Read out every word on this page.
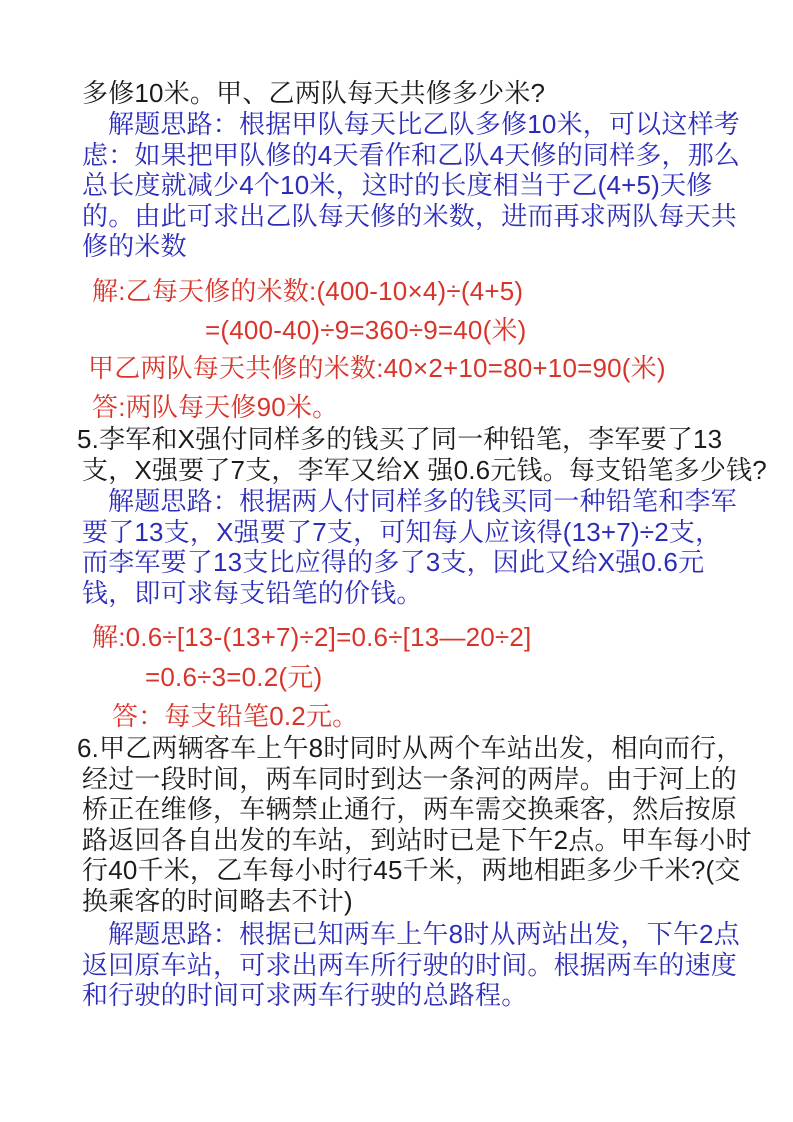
多修10米。甲、乙两队每天共修多少米?
解题思路：根据甲队每天比乙队多修10米，可以这样考
虑：如果把甲队修的4天看作和乙队4天修的同样多，那么
总长度就减少4个10米，这时的长度相当于乙(4+5)天修
的。由此可求出乙队每天修的米数，进而再求两队每天共
修的米数
解:乙每天修的米数:(400-10×4)÷(4+5)
=(400-40)÷9=360÷9=40(米)
甲乙两队每天共修的米数:40×2+10=80+10=90(米)
答:两队每天修90米。
5.李军和X强付同样多的钱买了同一种铅笔，李军要了13
支，X强要了7支，李军又给X 强0.6元钱。每支铅笔多少钱?
解题思路：根据两人付同样多的钱买同一种铅笔和李军
要了13支，X强要了7支，可知每人应该得(13+7)÷2支，
而李军要了13支比应得的多了3支，因此又给X强0.6元
钱，即可求每支铅笔的价钱。
解:0.6÷[13-(13+7)÷2]=0.6÷[13—20÷2]
=0.6÷3=0.2(元)
答：每支铅笔0.2元。
6.甲乙两辆客车上午8时同时从两个车站出发，相向而行，
经过一段时间，两车同时到达一条河的两岸。由于河上的
桥正在维修，车辆禁止通行，两车需交换乘客，然后按原
路返回各自出发的车站，到站时已是下午2点。甲车每小时
行40千米，乙车每小时行45千米，两地相距多少千米?(交
换乘客的时间略去不计)
解题思路：根据已知两车上午8时从两站出发，下午2点
返回原车站，可求出两车所行驶的时间。根据两车的速度
和行驶的时间可求两车行驶的总路程。
